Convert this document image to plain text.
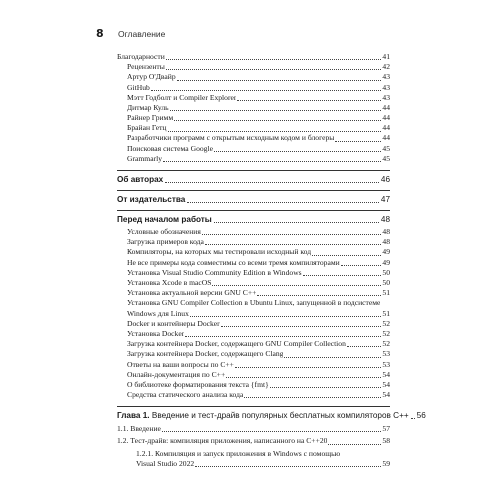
8	Оглавление
Благодарности	41
Рецензенты	42
Артур О'Двайр	43
GitHub	43
Мэтт Годболт и Compiler Explorer	43
Дитмар Куль	44
Райнер Гримм	44
Брайан Гетц	44
Разработчики программ с открытым исходным кодом и блогеры	44
Поисковая система Google	45
Grammarly	45
Об авторах	46
От издательства	47
Перед началом работы	48
Условные обозначения	48
Загрузка примеров кода	48
Компиляторы, на которых мы тестировали исходный код	49
Не все примеры кода совместимы со всеми тремя компиляторами	49
Установка Visual Studio Community Edition в Windows	50
Установка Xcode в macOS	50
Установка актуальной версии GNU C++	51
Установка GNU Compiler Collection в Ubuntu Linux, запущенной в подсистеме
Windows для Linux	51
Docker и контейнеры Docker	52
Установка Docker	52
Загрузка контейнера Docker, содержащего GNU Compiler Collection	52
Загрузка контейнера Docker, содержащего Clang	53
Ответы на ваши вопросы по C++	53
Онлайн-документация по C++	54
О библиотеке форматирования текста {fmt}	54
Средства статического анализа кода	54
Глава 1.
Введение и тест-драйв популярных бесплатных компиляторов C++ 56
1.1. Введение	57
1.2. Тест-драйв: компиляция приложения, написанного на C++20	58
1.2.1. Компиляция и запуск приложения в Windows с помощью
Visual Studio 2022	59
